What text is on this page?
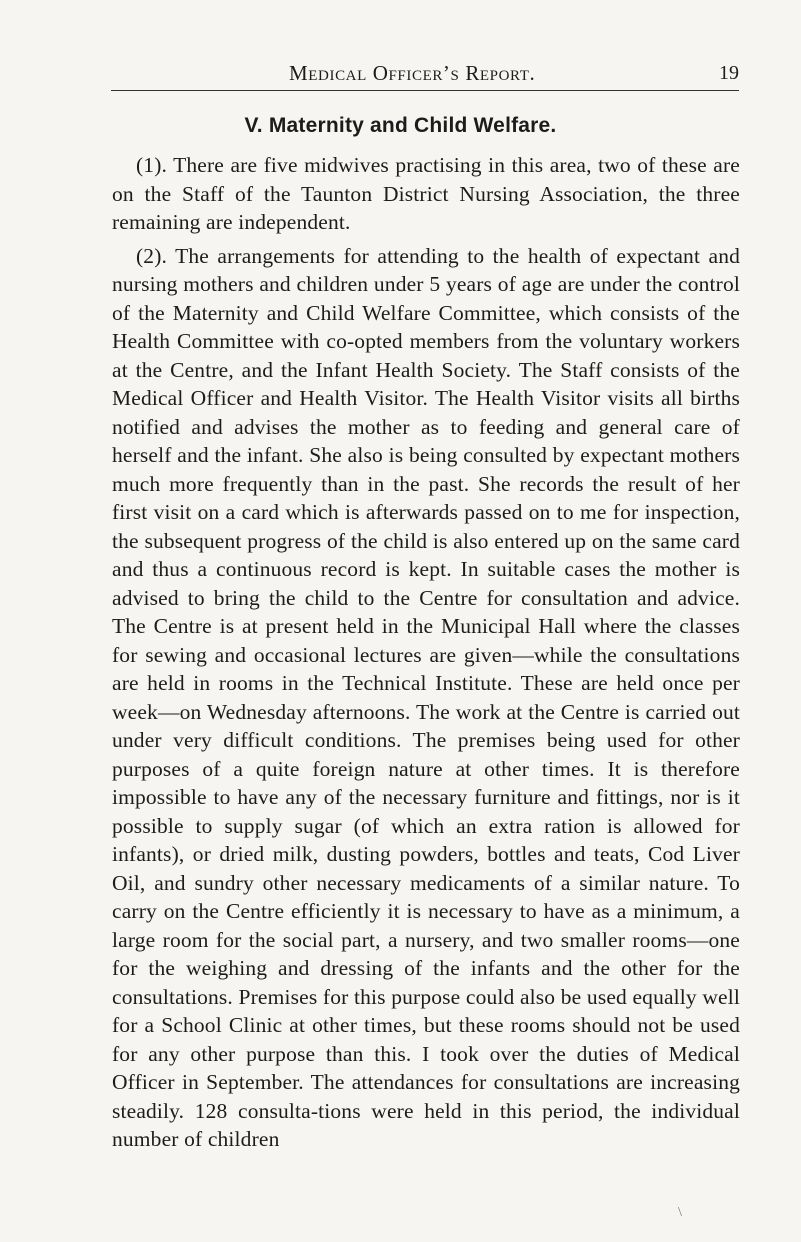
Medical Officer’s Report.	19
V. Maternity and Child Welfare.

(1). There are five midwives practising in this area, two of these are on the Staff of the Taunton District Nursing Association, the three remaining are independent.

(2). The arrangements for attending to the health of expectant and nursing mothers and children under 5 years of age are under the control of the Maternity and Child Welfare Committee, which consists of the Health Committee with co-opted members from the voluntary workers at the Centre, and the Infant Health Society. The Staff consists of the Medical Officer and Health Visitor. The Health Visitor visits all births notified and advises the mother as to feeding and general care of herself and the infant. She also is being consulted by expectant mothers much more frequently than in the past. She records the result of her first visit on a card which is afterwards passed on to me for inspection, the subsequent progress of the child is also entered up on the same card and thus a continuous record is kept. In suitable cases the mother is advised to bring the child to the Centre for consultation and advice. The Centre is at present held in the Municipal Hall where the classes for sewing and occasional lectures are given—while the consultations are held in rooms in the Technical Institute. These are held once per week—on Wednesday afternoons. The work at the Centre is carried out under very difficult conditions. The premises being used for other purposes of a quite foreign nature at other times. It is therefore impossible to have any of the necessary furniture and fittings, nor is it possible to supply sugar (of which an extra ration is allowed for infants), or dried milk, dusting powders, bottles and teats, Cod Liver Oil, and sundry other necessary medicaments of a similar nature. To carry on the Centre efficiently it is necessary to have as a minimum, a large room for the social part, a nursery, and two smaller rooms—one for the weighing and dressing of the infants and the other for the consultations. Premises for this purpose could also be used equally well for a School Clinic at other times, but these rooms should not be used for any other purpose than this. I took over the duties of Medical Officer in September. The attendances for consultations are increasing steadily. 128 consulta-tions were held in this period, the individual number of children

\
